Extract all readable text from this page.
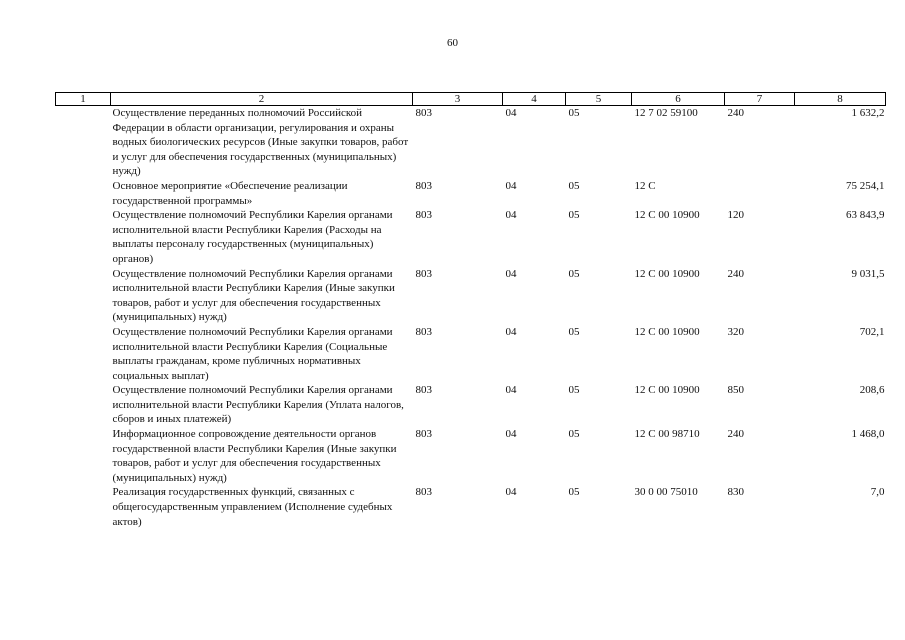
60
1	2	3	4	5	6	7	8
	Осуществление переданных полномочий Российской Федерации в области организации, регулирования и охраны водных биологических ресурсов (Иные закупки товаров, работ и услуг для обеспечения государственных (муниципальных) нужд)	803	04	05	12 7 02 59100	240	1 632,2
	Основное мероприятие «Обеспечение реализации государственной программы»	803	04	05	12 С		75 254,1
	Осуществление полномочий Республики Карелия органами исполнительной власти Республики Карелия (Расходы на выплаты персоналу государственных (муниципальных) органов)	803	04	05	12 С 00 10900	120	63 843,9
	Осуществление полномочий Республики Карелия органами исполнительной власти Республики Карелия (Иные закупки товаров, работ и услуг для обеспечения государственных (муниципальных) нужд)	803	04	05	12 С 00 10900	240	9 031,5
	Осуществление полномочий Республики Карелия органами исполнительной власти Республики Карелия (Социальные выплаты гражданам, кроме публичных нормативных социальных выплат)	803	04	05	12 С 00 10900	320	702,1
	Осуществление полномочий Республики Карелия органами исполнительной власти Республики Карелия (Уплата налогов, сборов и иных платежей)	803	04	05	12 С 00 10900	850	208,6
	Информационное сопровождение деятельности органов государственной власти Республики Карелия (Иные закупки товаров, работ и услуг для обеспечения государственных (муниципальных) нужд)	803	04	05	12 С 00 98710	240	1 468,0
	Реализация государственных функций, связанных с общегосударственным управлением (Исполнение судебных актов)	803	04	05	30 0 00 75010	830	7,0
